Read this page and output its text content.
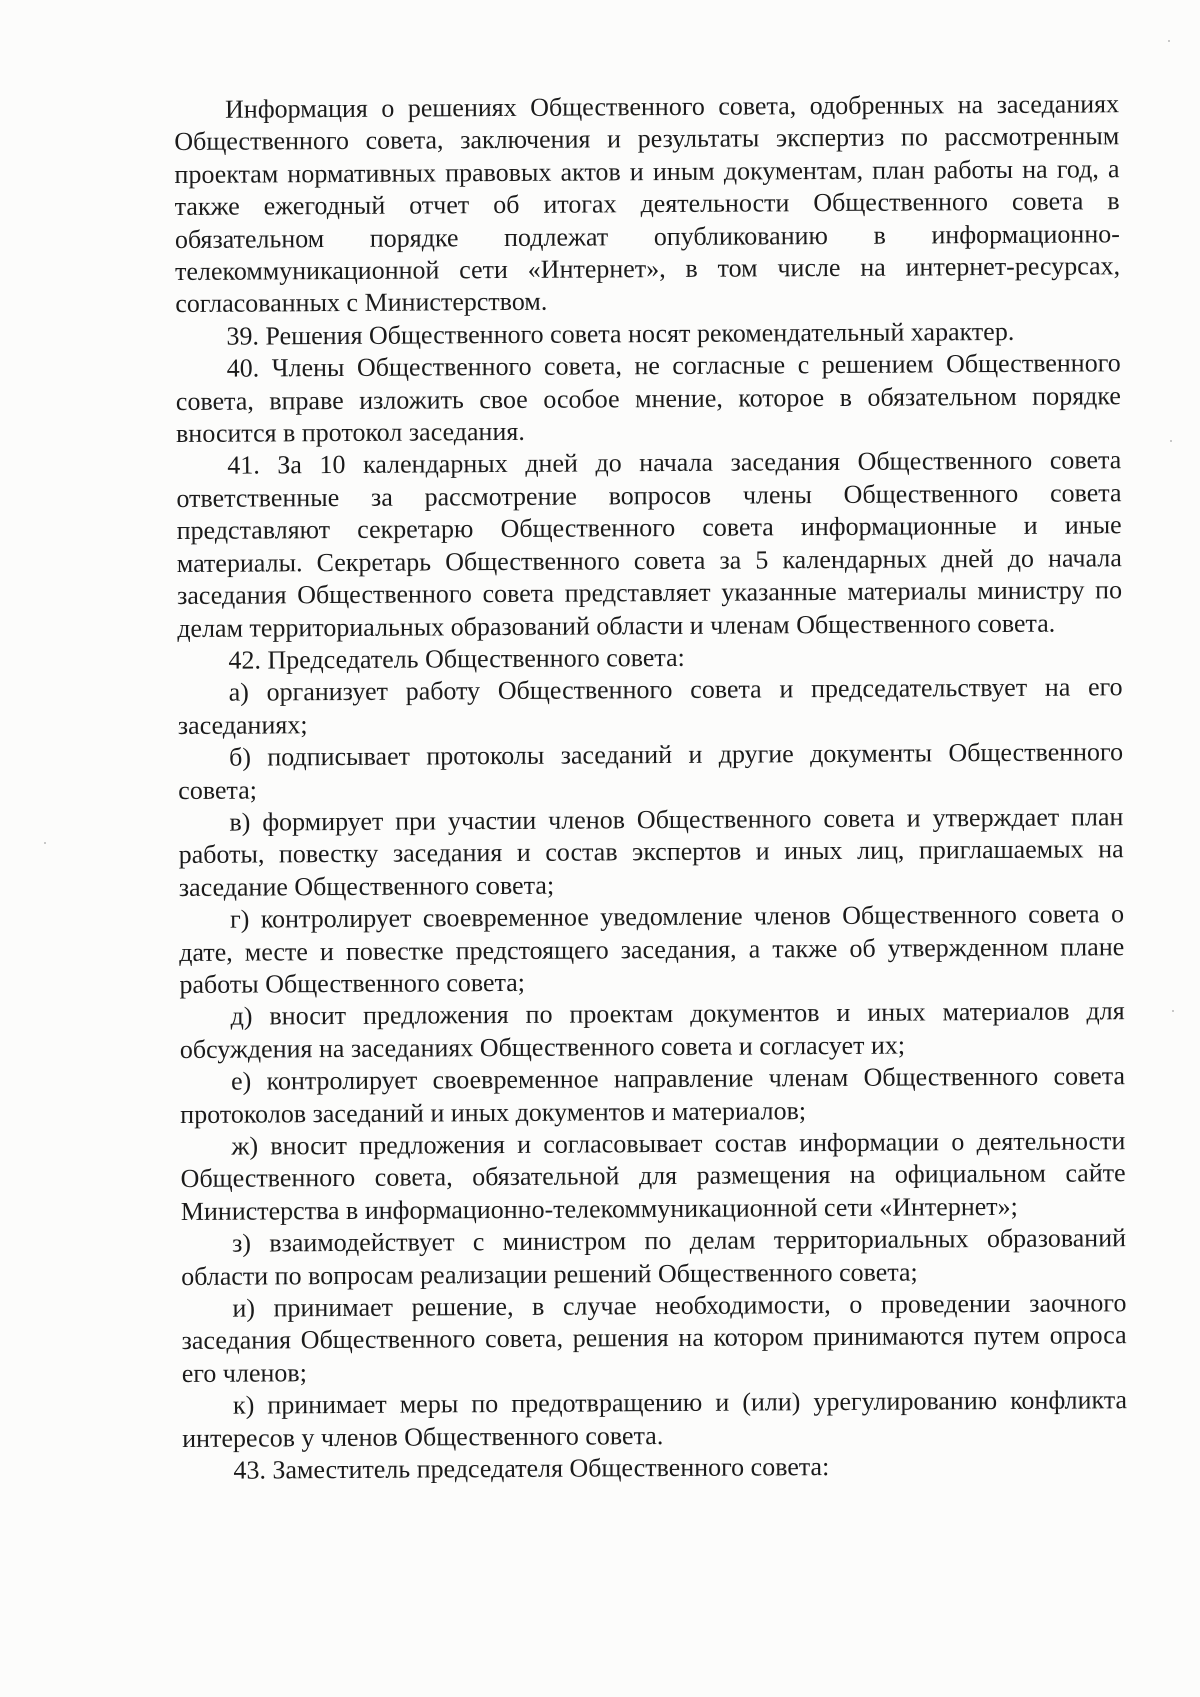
Информация о решениях Общественного совета, одобренных на заседаниях Общественного совета, заключения и результаты экспертиз по рассмотренным проектам нормативных правовых актов и иным документам, план работы на год, а также ежегодный отчет об итогах деятельности Общественного совета в обязательном порядке подлежат опубликованию в информационно-телекоммуникационной сети «Интернет», в том числе на интернет-ресурсах, согласованных с Министерством.

39. Решения Общественного совета носят рекомендательный характер.

40. Члены Общественного совета, не согласные с решением Общественного совета, вправе изложить свое особое мнение, которое в обязательном порядке вносится в протокол заседания.

41. За 10 календарных дней до начала заседания Общественного совета ответственные за рассмотрение вопросов члены Общественного совета представляют секретарю Общественного совета информационные и иные материалы. Секретарь Общественного совета за 5 календарных дней до начала заседания Общественного совета представляет указанные материалы министру по делам территориальных образований области и членам Общественного совета.

42. Председатель Общественного совета:

а) организует работу Общественного совета и председательствует на его заседаниях;

б) подписывает протоколы заседаний и другие документы Общественного совета;

в) формирует при участии членов Общественного совета и утверждает план работы, повестку заседания и состав экспертов и иных лиц, приглашаемых на заседание Общественного совета;

г) контролирует своевременное уведомление членов Общественного совета о дате, месте и повестке предстоящего заседания, а также об утвержденном плане работы Общественного совета;

д) вносит предложения по проектам документов и иных материалов для обсуждения на заседаниях Общественного совета и согласует их;

е) контролирует своевременное направление членам Общественного совета протоколов заседаний и иных документов и материалов;

ж) вносит предложения и согласовывает состав информации о деятельности Общественного совета, обязательной для размещения на официальном сайте Министерства в информационно-телекоммуникационной сети «Интернет»;

з) взаимодействует с министром по делам территориальных образований области по вопросам реализации решений Общественного совета;

и) принимает решение, в случае необходимости, о проведении заочного заседания Общественного совета, решения на котором принимаются путем опроса его членов;

к) принимает меры по предотвращению и (или) урегулированию конфликта интересов у членов Общественного совета.

43. Заместитель председателя Общественного совета:
